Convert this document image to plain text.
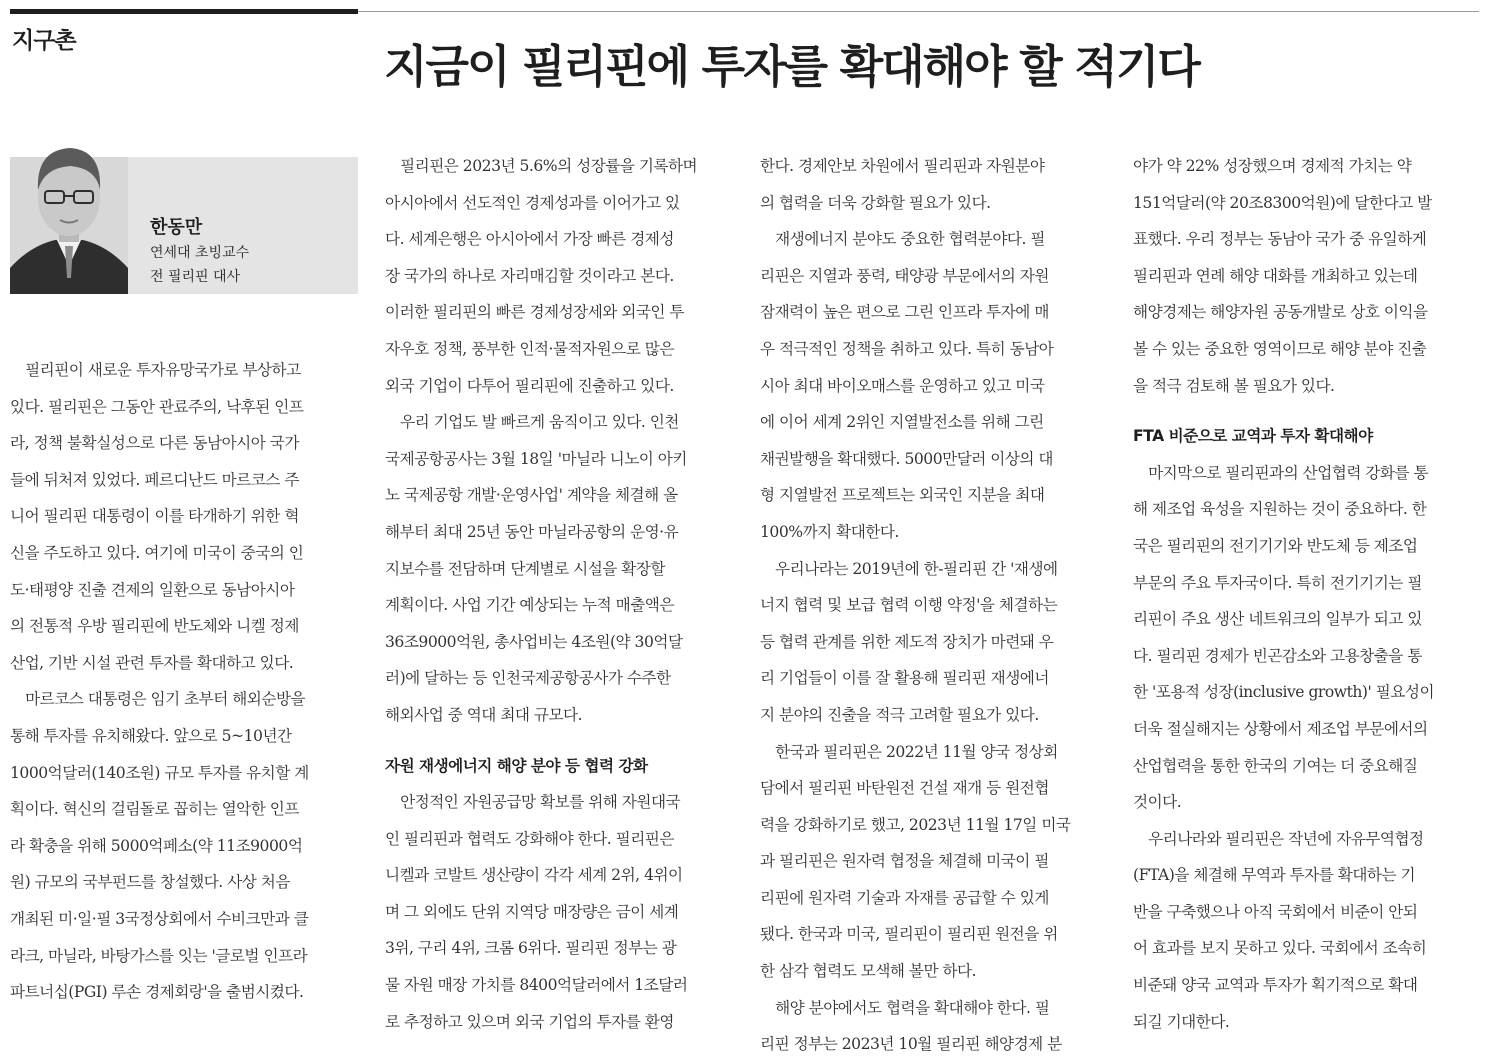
지구촌	지금이 필리핀에 투자를 확대해야 할 적기다
한동만
연세대 초빙교수
전 필리핀 대사
　필리핀이 새로운 투자유망국가로 부상하고
있다. 필리핀은 그동안 관료주의, 낙후된 인프
라, 정책 불확실성으로 다른 동남아시아 국가
들에 뒤처져 있었다. 페르디난드 마르코스 주
니어 필리핀 대통령이 이를 타개하기 위한 혁
신을 주도하고 있다. 여기에 미국이 중국의 인
도·태평양 진출 견제의 일환으로 동남아시아
의 전통적 우방 필리핀에 반도체와 니켈 정제
산업, 기반 시설 관련 투자를 확대하고 있다.
　마르코스 대통령은 임기 초부터 해외순방을
통해 투자를 유치해왔다. 앞으로 5~10년간
1000억달러(140조원) 규모 투자를 유치할 계
획이다. 혁신의 걸림돌로 꼽히는 열악한 인프
라 확충을 위해 5000억페소(약 11조9000억
원) 규모의 국부펀드를 창설했다. 사상 처음
개최된 미·일·필 3국정상회에서 수비크만과 클
라크, 마닐라, 바탕가스를 잇는 '글로벌 인프라
파트너십(PGI) 루손 경제회랑'을 출범시켰다.
　필리핀은 2023년 5.6%의 성장률을 기록하며
아시아에서 선도적인 경제성과를 이어가고 있
다. 세계은행은 아시아에서 가장 빠른 경제성
장 국가의 하나로 자리매김할 것이라고 본다.
이러한 필리핀의 빠른 경제성장세와 외국인 투
자우호 정책, 풍부한 인적·물적자원으로 많은
외국 기업이 다투어 필리핀에 진출하고 있다.
　우리 기업도 발 빠르게 움직이고 있다. 인천
국제공항공사는 3월 18일 '마닐라 니노이 아키
노 국제공항 개발·운영사업' 계약을 체결해 올
해부터 최대 25년 동안 마닐라공항의 운영·유
지보수를 전담하며 단계별로 시설을 확장할
계획이다. 사업 기간 예상되는 누적 매출액은
36조9000억원, 총사업비는 4조원(약 30억달
러)에 달하는 등 인천국제공항공사가 수주한
해외사업 중 역대 최대 규모다.
자원 재생에너지 해양 분야 등 협력 강화
　안정적인 자원공급망 확보를 위해 자원대국
인 필리핀과 협력도 강화해야 한다. 필리핀은
니켈과 코발트 생산량이 각각 세계 2위, 4위이
며 그 외에도 단위 지역당 매장량은 금이 세계
3위, 구리 4위, 크롬 6위다. 필리핀 정부는 광
물 자원 매장 가치를 8400억달러에서 1조달러
로 추정하고 있으며 외국 기업의 투자를 환영
한다. 경제안보 차원에서 필리핀과 자원분야
의 협력을 더욱 강화할 필요가 있다.
　재생에너지 분야도 중요한 협력분야다. 필
리핀은 지열과 풍력, 태양광 부문에서의 자원
잠재력이 높은 편으로 그린 인프라 투자에 매
우 적극적인 정책을 취하고 있다. 특히 동남아
시아 최대 바이오매스를 운영하고 있고 미국
에 이어 세계 2위인 지열발전소를 위해 그린
채권발행을 확대했다. 5000만달러 이상의 대
형 지열발전 프로젝트는 외국인 지분을 최대
100%까지 확대한다.
　우리나라는 2019년에 한-필리핀 간 '재생에
너지 협력 및 보급 협력 이행 약정'을 체결하는
등 협력 관계를 위한 제도적 장치가 마련돼 우
리 기업들이 이를 잘 활용해 필리핀 재생에너
지 분야의 진출을 적극 고려할 필요가 있다.
　한국과 필리핀은 2022년 11월 양국 정상회
담에서 필리핀 바탄원전 건설 재개 등 원전협
력을 강화하기로 했고, 2023년 11월 17일 미국
과 필리핀은 원자력 협정을 체결해 미국이 필
리핀에 원자력 기술과 자재를 공급할 수 있게
됐다. 한국과 미국, 필리핀이 필리핀 원전을 위
한 삼각 협력도 모색해 볼만 하다.
　해양 분야에서도 협력을 확대해야 한다. 필
리핀 정부는 2023년 10월 필리핀 해양경제 분
야가 약 22% 성장했으며 경제적 가치는 약
151억달러(약 20조8300억원)에 달한다고 발
표했다. 우리 정부는 동남아 국가 중 유일하게
필리핀과 연례 해양 대화를 개최하고 있는데
해양경제는 해양자원 공동개발로 상호 이익을
볼 수 있는 중요한 영역이므로 해양 분야 진출
을 적극 검토해 볼 필요가 있다.
FTA 비준으로 교역과 투자 확대해야
　마지막으로 필리핀과의 산업협력 강화를 통
해 제조업 육성을 지원하는 것이 중요하다. 한
국은 필리핀의 전기기기와 반도체 등 제조업
부문의 주요 투자국이다. 특히 전기기기는 필
리핀이 주요 생산 네트워크의 일부가 되고 있
다. 필리핀 경제가 빈곤감소와 고용창출을 통
한 '포용적 성장(inclusive growth)' 필요성이
더욱 절실해지는 상황에서 제조업 부문에서의
산업협력을 통한 한국의 기여는 더 중요해질
것이다.
　우리나라와 필리핀은 작년에 자유무역협정
(FTA)을 체결해 무역과 투자를 확대하는 기
반을 구축했으나 아직 국회에서 비준이 안되
어 효과를 보지 못하고 있다. 국회에서 조속히
비준돼 양국 교역과 투자가 획기적으로 확대
되길 기대한다.
